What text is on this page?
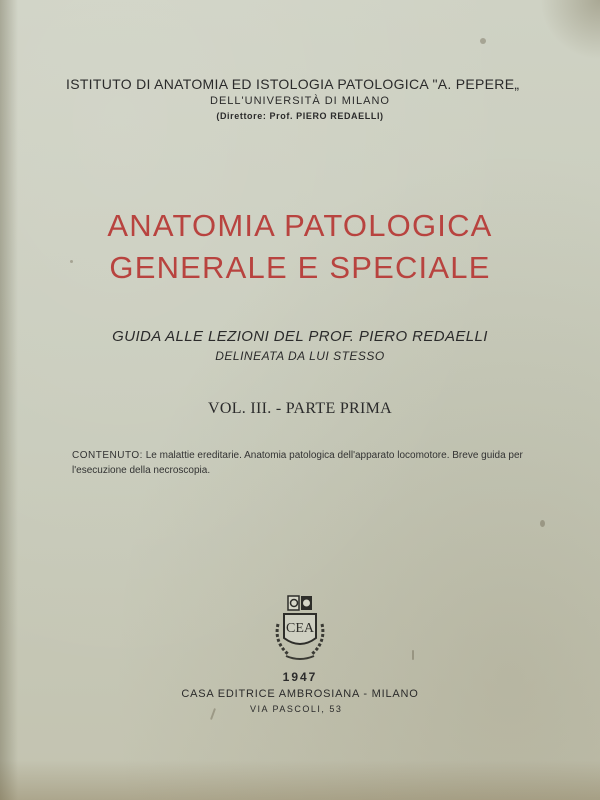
ISTITUTO DI ANATOMIA ED ISTOLOGIA PATOLOGICA "A. PEPERE„
DELL'UNIVERSITÀ DI MILANO
(Direttore: Prof. PIERO REDAELLI)
ANATOMIA PATOLOGICA
GENERALE E SPECIALE
GUIDA ALLE LEZIONI DEL PROF. PIERO REDAELLI
DELINEATA DA LUI STESSO
VOL. III. - PARTE PRIMA
CONTENUTO: Le malattie ereditarie. Anatomia patologica dell'apparato locomotore. Breve guida per l'esecuzione della necroscopia.
CEA
1947
CASA EDITRICE AMBROSIANA - MILANO
VIA PASCOLI, 53
